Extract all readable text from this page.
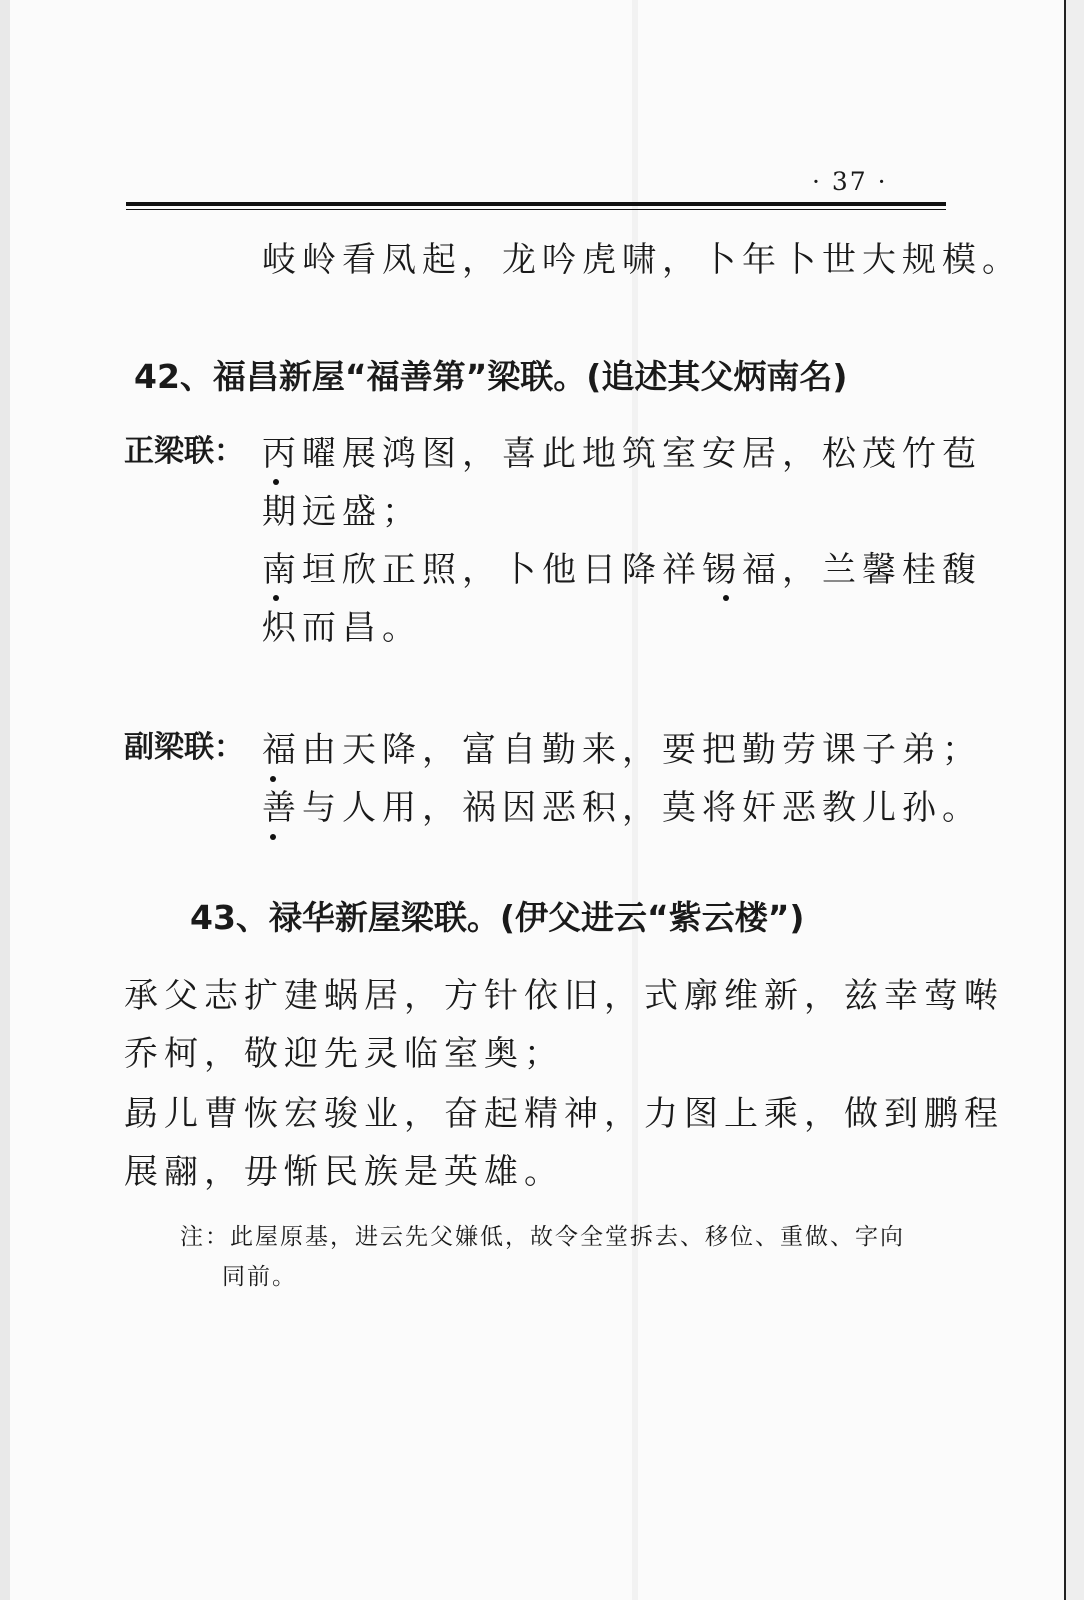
· 37 ·
岐岭看凤起，龙吟虎啸，卜年卜世大规模。
42、福昌新屋“福善第”梁联。(追述其父炳南名)
正梁联： 丙曜展鸿图，喜此地筑室安居，松茂竹苞
期远盛；
南垣欣正照，卜他日降祥锡福，兰馨桂馥
炽而昌。
副梁联： 福由天降，富自勤来，要把勤劳课子弟；
善与人用，祸因恶积，莫将奸恶教儿孙。
43、禄华新屋梁联。(伊父进云“紫云楼”)
承父志扩建蜗居，方针依旧，式廓维新，兹幸莺啭
乔柯，敬迎先灵临室奥；
勗儿曹恢宏骏业，奋起精神，力图上乘，做到鹏程
展翮，毋惭民族是英雄。
注：此屋原基，进云先父嫌低，故令全堂拆去、移位、重做、字向
同前。
